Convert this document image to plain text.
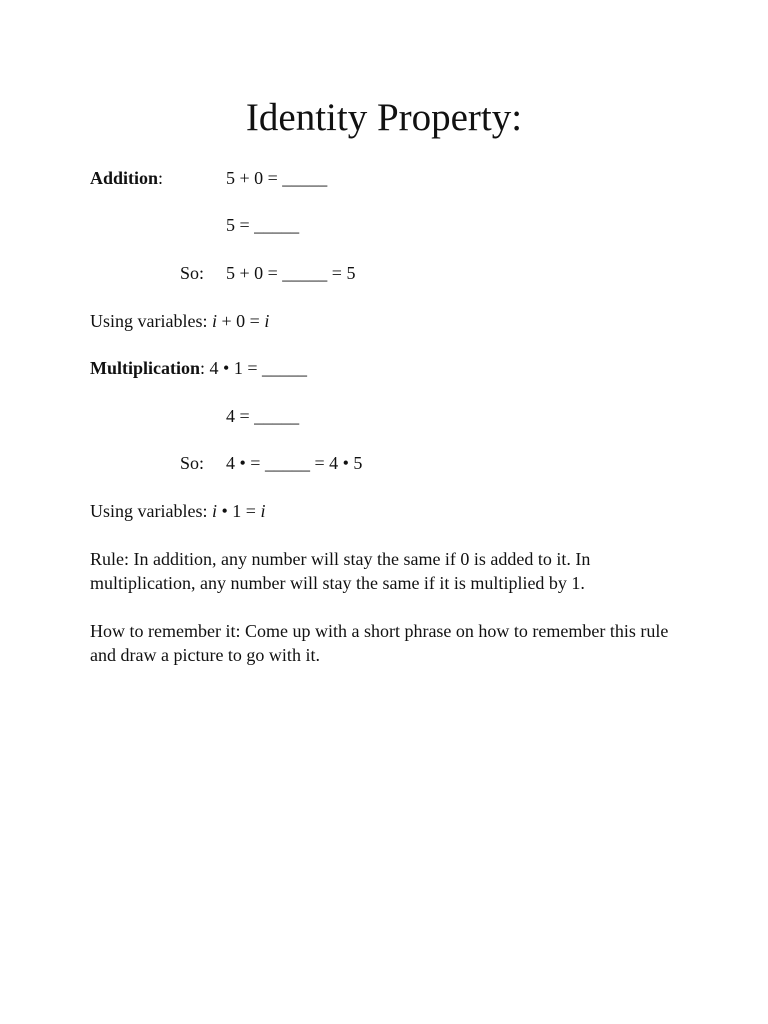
Identity Property:
Addition:	5 + 0 = _____
5 = _____
So: 5 + 0 = _____ = 5
Using variables: i + 0 = i
Multiplication: 4 • 1 = _____
4 = _____
So: 4 • = _____ = 4 • 5
Using variables: i • 1 = i

Rule: In addition, any number will stay the same if 0 is added to it. In multiplication, any number will stay the same if it is multiplied by 1.

How to remember it: Come up with a short phrase on how to remember this rule and draw a picture to go with it.
